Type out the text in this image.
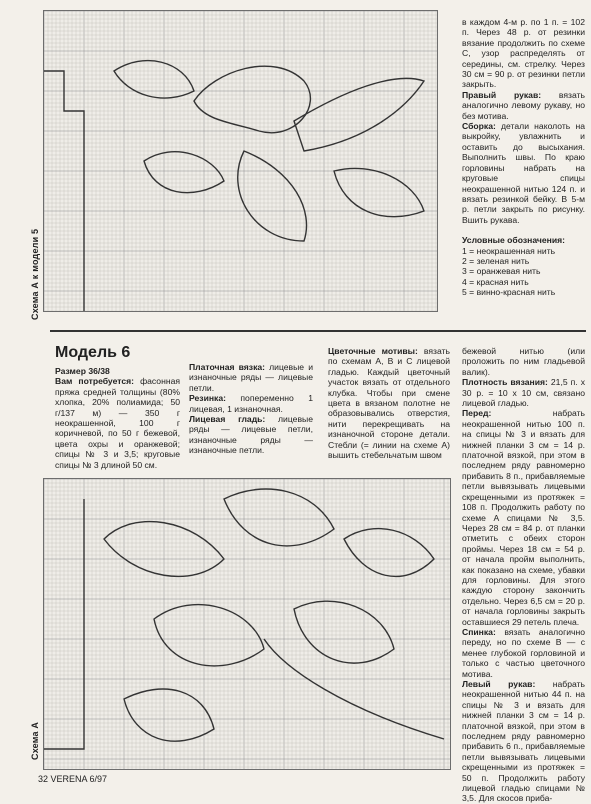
Схема А к модели 5

в каждом 4-м р. по 1 п. = 102 п. Через 48 р. от резинки вязание продолжить по схеме С, узор распределять от середины, см. стрелку. Через 30 см = 90 р. от резинки петли закрыть.

Правый рукав: вязать аналогично левому рукаву, но без мотива.

Сборка: детали наколоть на выкройку, увлажнить и оставить до высыхания. Выполнить швы. По краю горловины набрать на круговые спицы неокрашенной нитью 124 п. и вязать резинкой бейку. В 5-м р. петли закрыть по рисунку. Вшить рукава.

Условные обозначения:

1 = неокрашенная нить
2 = зеленая нить
3 = оранжевая нить
4 = красная нить
5 = винно-красная нить
Модель 6

Размер 36/38

Вам потребуется: фасонная пряжа средней толщины (80% хлопка, 20% полиамида; 50 г/137 м) — 350 г неокрашенной, 100 г коричневой, по 50 г бежевой, цвета охры и оранжевой; спицы № 3 и 3,5; круговые спицы № 3 длиной 50 см.

Платочная вязка: лицевые и изнаночные ряды — лицевые петли.

Резинка: попеременно 1 лицевая, 1 изнаночная.

Лицевая гладь: лицевые ряды — лицевые петли, изнаночные ряды — изнаночные петли.

Цветочные мотивы: вязать по схемам А, В и С лицевой гладью. Каждый цветочный участок вязать от отдельного клубка. Чтобы при смене цвета в вязаном полотне не образовывались отверстия, нити перекрещивать на изнаночной стороне детали. Стебли (= линии на схеме А) вышить стебельчатым швом

Схема А

бежевой нитью (или проложить по ним гладьевой валик).

Плотность вязания: 21,5 п. х 30 р. = 10 х 10 см, связано лицевой гладью.

Перед: набрать неокрашенной нитью 100 п. на спицы № 3 и вязать для нижней планки 3 см = 14 р. платочной вязкой, при этом в последнем ряду равномерно прибавить 8 п., прибавляемые петли вывязывать лицевыми скрещенными из протяжек = 108 п. Продолжить работу по схеме А спицами № 3,5. Через 28 см = 84 р. от планки отметить с обеих сторон проймы. Через 18 см = 54 р. от начала пройм выполнить, как показано на схеме, убавки для горловины. Для этого каждую сторону закончить отдельно. Через 6,5 см = 20 р. от начала горловины закрыть оставшиеся 29 петель плеча.

Спинка: вязать аналогично переду, но по схеме В — с менее глубокой горловиной и только с частью цветочного мотива.

Левый рукав: набрать неокрашенной нитью 44 п. на спицы № 3 и вязать для нижней планки 3 см = 14 р. платочной вязкой, при этом в последнем ряду равномерно прибавить 6 п., прибавляемые петли вывязывать лицевыми скрещенными из протяжек = 50 п. Продолжить работу лицевой гладью спицами № 3,5. Для скосов приба-

32 VERENA 6/97
